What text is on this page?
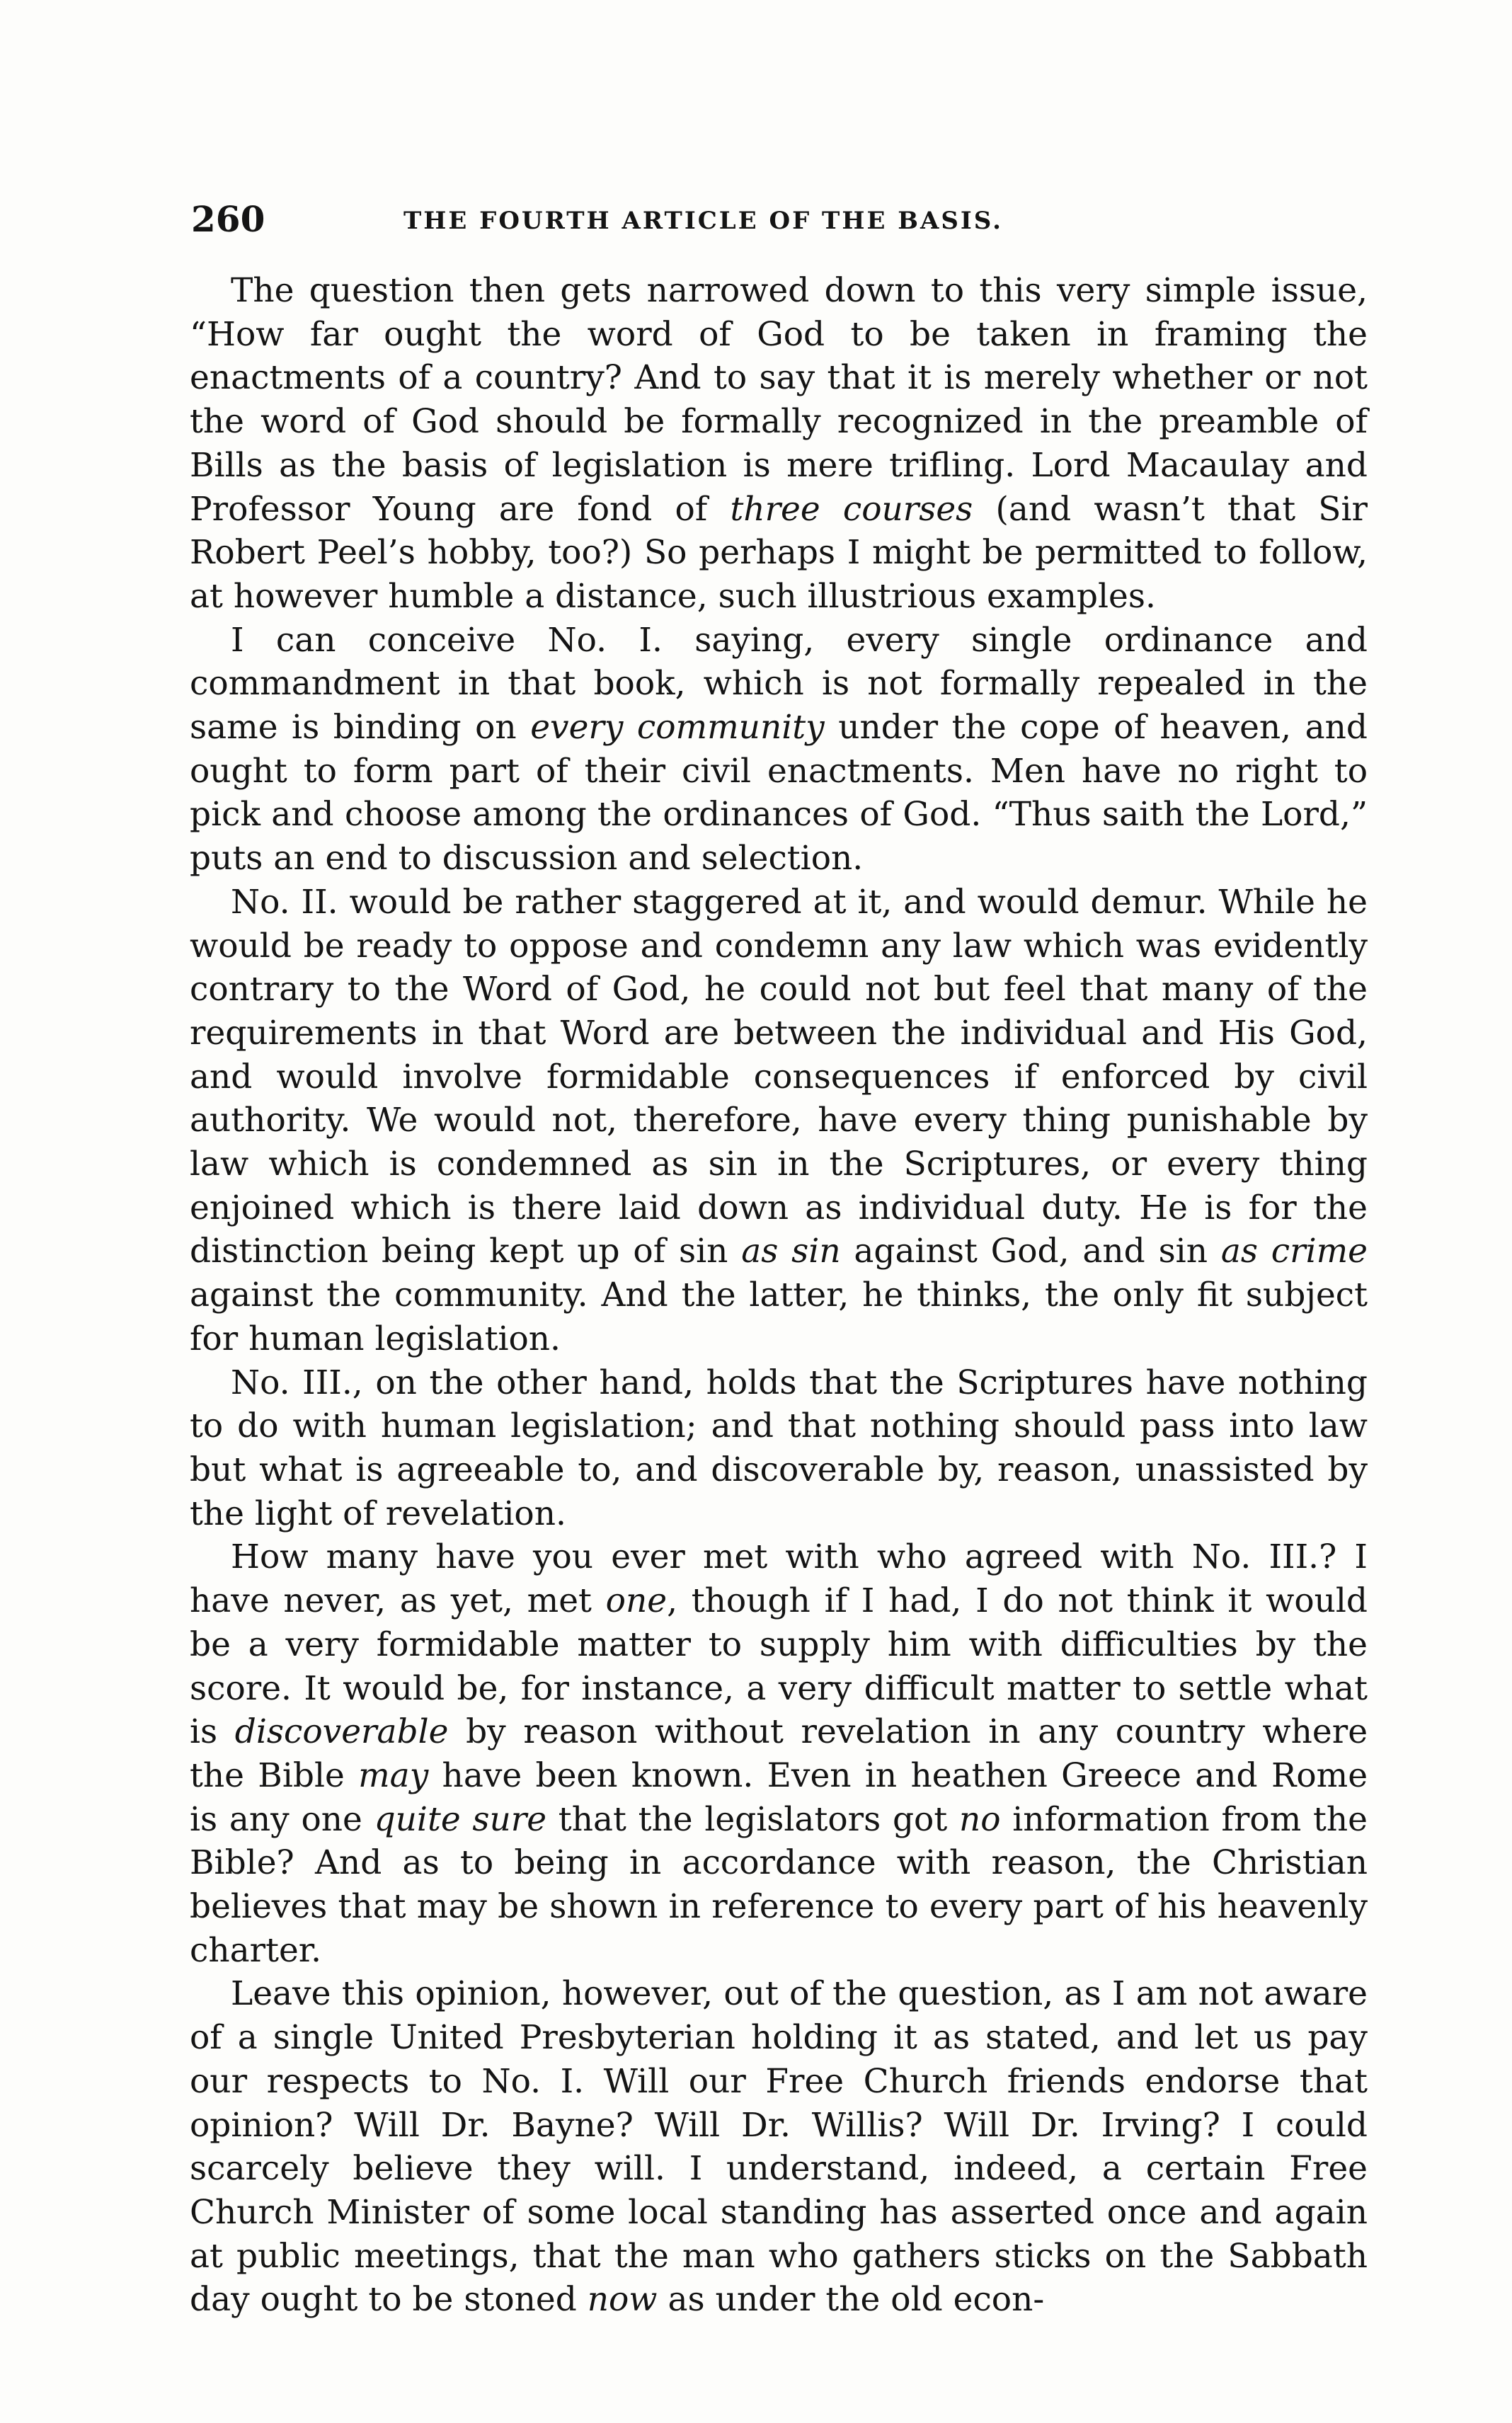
260	THE FOURTH ARTICLE OF THE BASIS.

The question then gets narrowed down to this very simple issue, “How far ought the word of God to be taken in framing the enactments of a country? And to say that it is merely whether or not the word of God should be formally recognized in the preamble of Bills as the basis of legislation is mere trifling. Lord Macaulay and Professor Young are fond of three courses (and wasn’t that Sir Robert Peel’s hobby, too?) So perhaps I might be permitted to follow, at however humble a distance, such illustrious examples.

I can conceive No. I. saying, every single ordinance and commandment in that book, which is not formally repealed in the same is binding on every community under the cope of heaven, and ought to form part of their civil enactments. Men have no right to pick and choose among the ordinances of God. “Thus saith the Lord,” puts an end to discussion and selection.

No. II. would be rather staggered at it, and would demur. While he would be ready to oppose and condemn any law which was evidently contrary to the Word of God, he could not but feel that many of the requirements in that Word are between the individual and His God, and would involve formidable consequences if enforced by civil authority. We would not, therefore, have every thing punishable by law which is condemned as sin in the Scriptures, or every thing enjoined which is there laid down as individual duty. He is for the distinction being kept up of sin as sin against God, and sin as crime against the community. And the latter, he thinks, the only fit subject for human legislation.

No. III., on the other hand, holds that the Scriptures have nothing to do with human legislation; and that nothing should pass into law but what is agreeable to, and discoverable by, reason, unassisted by the light of revelation.

How many have you ever met with who agreed with No. III.? I have never, as yet, met one, though if I had, I do not think it would be a very formidable matter to supply him with difficulties by the score. It would be, for instance, a very difficult matter to settle what is discoverable by reason without revelation in any country where the Bible may have been known. Even in heathen Greece and Rome is any one quite sure that the legislators got no information from the Bible? And as to being in accordance with reason, the Christian believes that may be shown in reference to every part of his heavenly charter.

Leave this opinion, however, out of the question, as I am not aware of a single United Presbyterian holding it as stated, and let us pay our respects to No. I. Will our Free Church friends endorse that opinion? Will Dr. Bayne? Will Dr. Willis? Will Dr. Irving? I could scarcely believe they will. I understand, indeed, a certain Free Church Minister of some local standing has asserted once and again at public meetings, that the man who gathers sticks on the Sabbath day ought to be stoned now as under the old econ-
